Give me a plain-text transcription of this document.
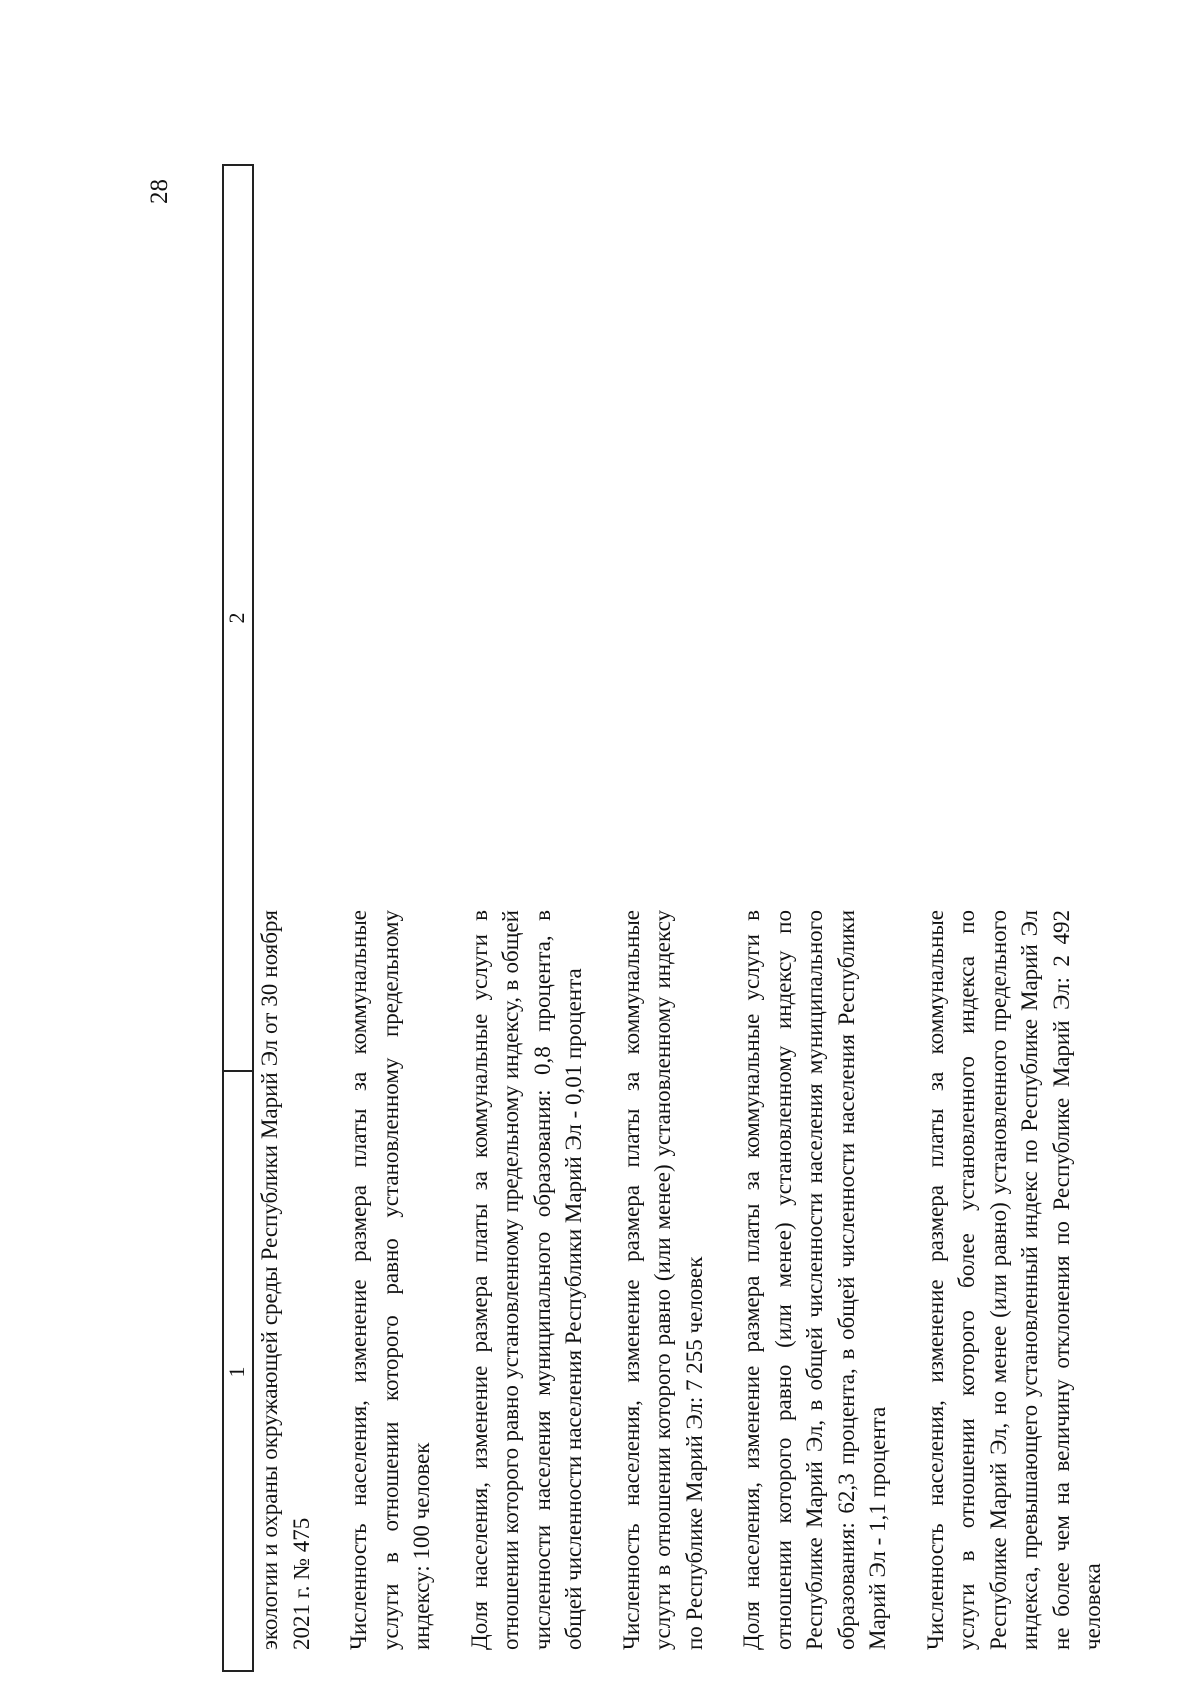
28
1
2

экологии и охраны окружающей среды Республики Марий Эл от 30 ноября 2021 г. № 475 Численность населения, изменение размера платы за коммунальные услуги в отношении которого равно установленному предельному индексу: 100 человек Доля населения, изменение размера платы за коммунальные услуги в отношении которого равно установленному предельному индексу, в общей численности населения муниципального образования: 0,8 процента, в общей численности населения Республики Марий Эл - 0,01 процента Численность населения, изменение размера платы за коммунальные услуги в отношении которого равно (или менее) установленному индексу по Республике Марий Эл: 7 255 человек Доля населения, изменение размера платы за коммунальные услуги в отношении которого равно (или менее) установленному индексу по Республике Марий Эл, в общей численности населения муниципального образования: 62,3 процента, в общей численности населения Республики Марий Эл - 1,1 процента Численность населения, изменение размера платы за коммунальные услуги в отношении которого более установленного индекса по Республике Марий Эл, но менее (или равно) установленного предельного индекса, превышающего установленный индекс по Республике Марий Эл не более чем на величину отклонения по Республике Марий Эл: 2 492 человека
